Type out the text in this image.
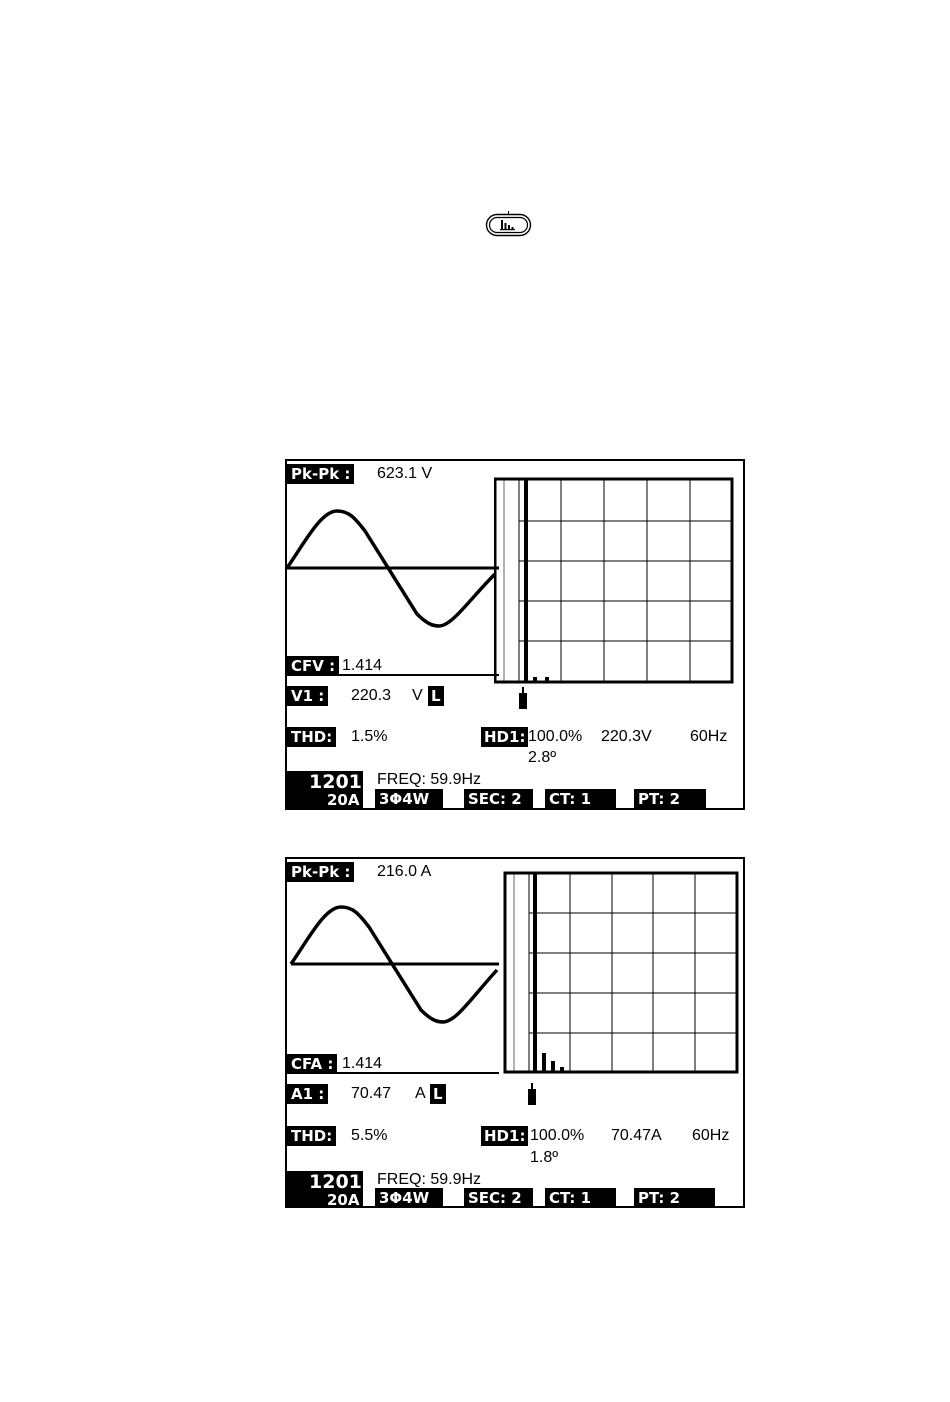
Pk-Pk : 623.1 V
CFV : 1.414
V1 : 220.3 V L
THD: 1.5%	HD1: 100.0% 220.3V 60Hz
2.8º
1201
20A
FREQ: 59.9Hz
3Φ4W	SEC: 2	CT: 1	PT: 2
Pk-Pk : 216.0 A
CFA : 1.414
A1 : 70.47 A L
THD: 5.5%	HD1: 100.0% 70.47A 60Hz
1.8º
1201
20A
FREQ: 59.9Hz
3Φ4W	SEC: 2	CT: 1	PT: 2
